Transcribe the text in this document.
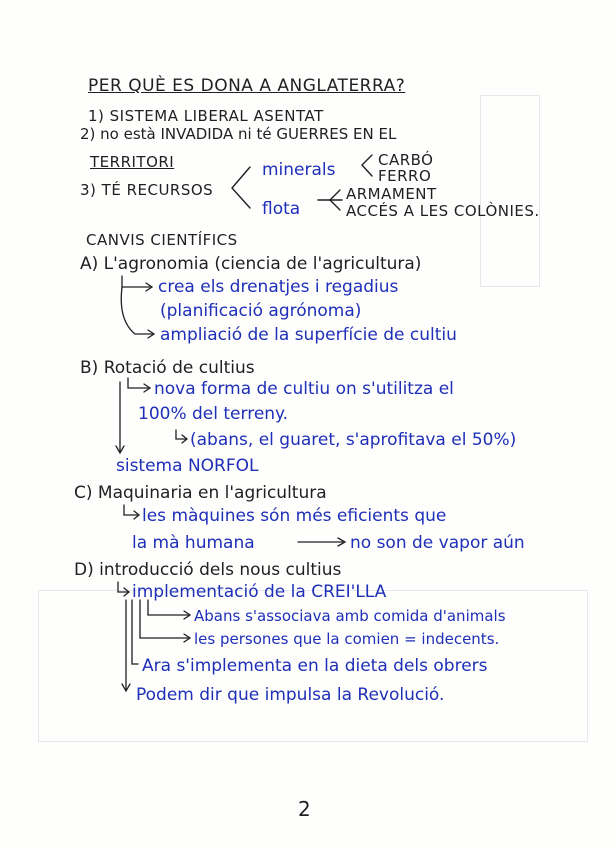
PER QUÈ ES DONA A ANGLATERRA?
1) SISTEMA LIBERAL ASENTAT
2) no està INVADIDA ni té GUERRES EN EL
TERRITORI
3) TÉ RECURSOS
minerals	CARBÓ
FERRO
flota
ARMAMENT
ACCÉS A LES COLÒNIES.
CANVIS CIENTÍFICS
A) L'agronomia (ciencia de l'agricultura)
crea els drenatjes i regadius
(planificació agrónoma)
ampliació de la superfície de cultiu
B) Rotació de cultius
nova forma de cultiu on s'utilitza el
100% del terreny.
(abans, el guaret, s'aprofitava el 50%)
sistema NORFOL
C) Maquinaria en l'agricultura
les màquines són més eficients que
la mà humana	no son de vapor aún
D) introducció dels nous cultius
implementació de la CREI'LLA
Abans s'associava amb comida d'animals
les persones que la comien = indecents.
Ara s'implementa en la dieta dels obrers
Podem dir que impulsa la Revolució.
2
